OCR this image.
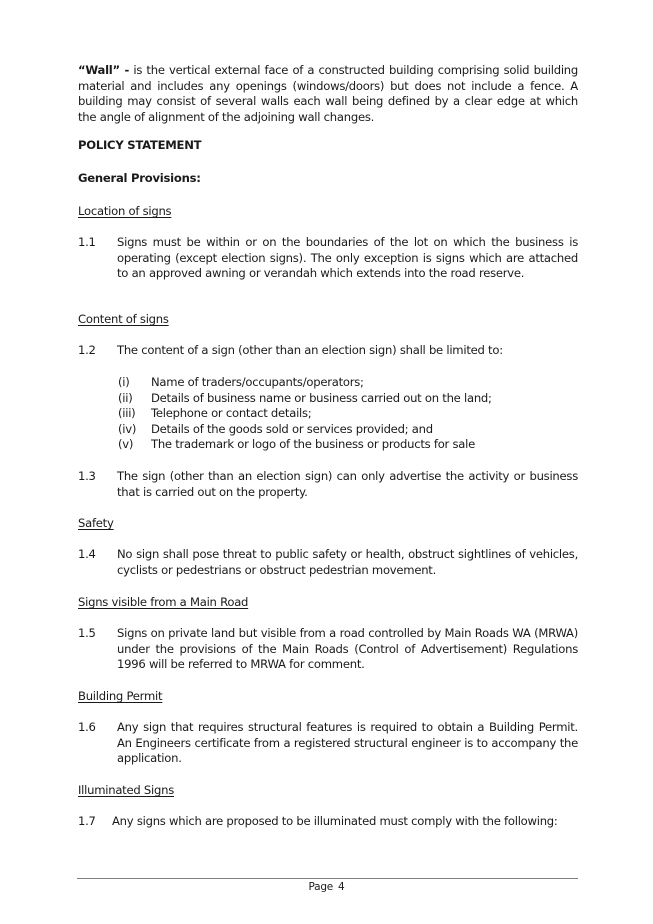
“Wall” - is the vertical external face of a constructed building comprising solid building material and includes any openings (windows/doors) but does not include a fence. A building may consist of several walls each wall being defined by a clear edge at which the angle of alignment of the adjoining wall changes.
POLICY STATEMENT
General Provisions:
Location of signs
1.1 Signs must be within or on the boundaries of the lot on which the business is operating (except election signs). The only exception is signs which are attached to an approved awning or verandah which extends into the road reserve.
Content of signs
1.2 The content of a sign (other than an election sign) shall be limited to:
(i) Name of traders/occupants/operators;
(ii) Details of business name or business carried out on the land;
(iii) Telephone or contact details;
(iv) Details of the goods sold or services provided; and
(v) The trademark or logo of the business or products for sale
1.3 The sign (other than an election sign) can only advertise the activity or business that is carried out on the property.
Safety
1.4 No sign shall pose threat to public safety or health, obstruct sightlines of vehicles, cyclists or pedestrians or obstruct pedestrian movement.
Signs visible from a Main Road
1.5 Signs on private land but visible from a road controlled by Main Roads WA (MRWA) under the provisions of the Main Roads (Control of Advertisement) Regulations 1996 will be referred to MRWA for comment.
Building Permit
1.6 Any sign that requires structural features is required to obtain a Building Permit. An Engineers certificate from a registered structural engineer is to accompany the application.
Illuminated Signs
1.7 Any signs which are proposed to be illuminated must comply with the following:
Page 4
